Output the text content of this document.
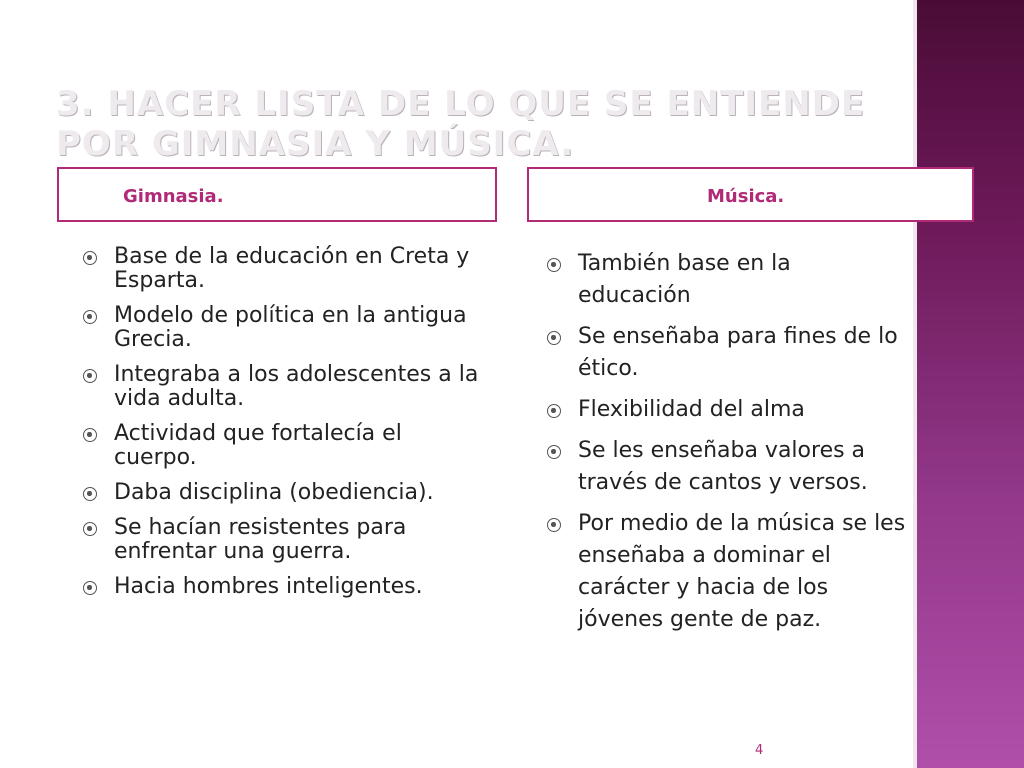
3. HACER LISTA DE LO QUE SE ENTIENDE POR GIMNASIA Y MÚSICA.
Gimnasia.	Música.
Base de la educación en Creta y Esparta.
Modelo de política en la antigua Grecia.
Integraba a los adolescentes a la vida adulta.
Actividad que fortalecía el cuerpo.
Daba disciplina (obediencia).
Se hacían resistentes para enfrentar una guerra.
Hacia hombres inteligentes.
También base en la educación
Se enseñaba para fines de lo ético.
Flexibilidad del alma
Se les enseñaba valores a través de cantos y versos.
Por medio de la música se les enseñaba a dominar el carácter y hacia de los jóvenes gente de paz.
4
